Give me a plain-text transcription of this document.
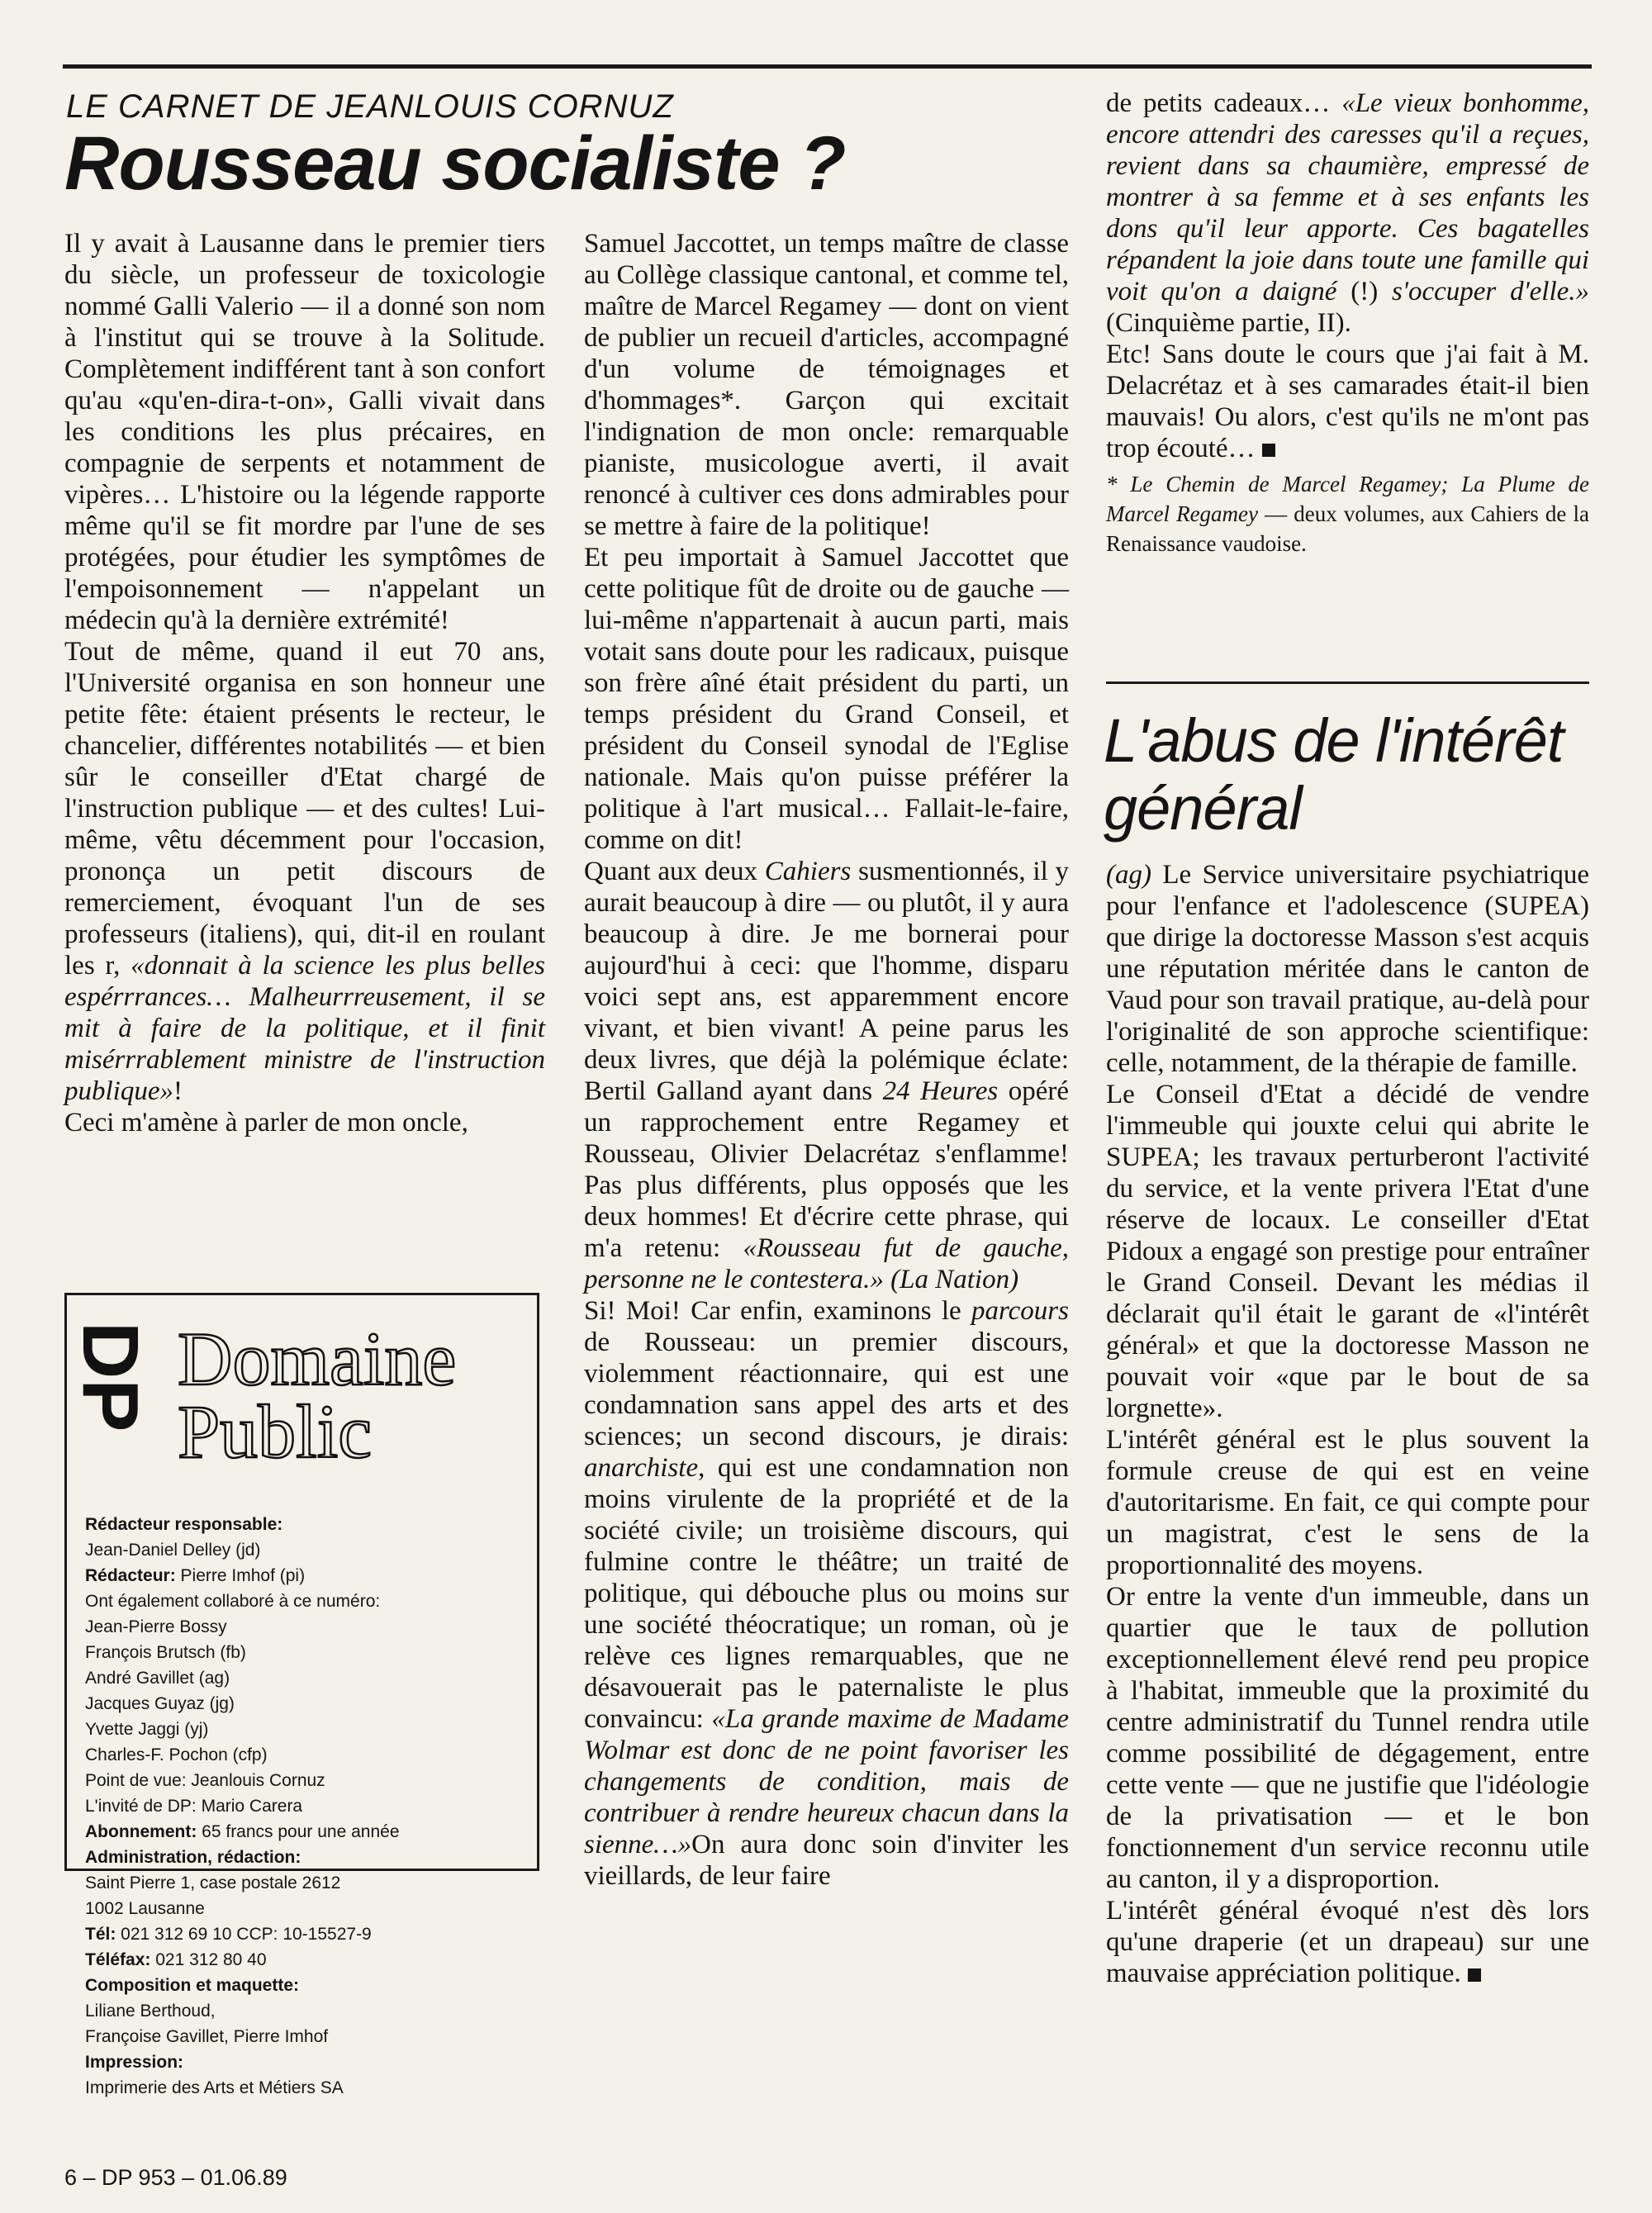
LE CARNET DE JEANLOUIS CORNUZ
Rousseau socialiste ?

Il y avait à Lausanne dans le premier tiers du siècle, un professeur de toxicologie nommé Galli Valerio — il a donné son nom à l'institut qui se trouve à la Solitude. Complètement indifférent tant à son confort qu'au «qu'en-dira-t-on», Galli vivait dans les conditions les plus précaires, en compagnie de serpents et notamment de vipères… L'histoire ou la légende rapporte même qu'il se fit mordre par l'une de ses protégées, pour étudier les symptômes de l'empoisonnement — n'appelant un médecin qu'à la dernière extrémité!

Tout de même, quand il eut 70 ans, l'Université organisa en son honneur une petite fête: étaient présents le recteur, le chancelier, différentes notabilités — et bien sûr le conseiller d'Etat chargé de l'instruction publique — et des cultes! Lui-même, vêtu décemment pour l'occasion, prononça un petit discours de remerciement, évoquant l'un de ses professeurs (italiens), qui, dit-il en roulant les r, «donnait à la science les plus belles espérrrances… Malheurrreusement, il se mit à faire de la politique, et il finit misérrrablement ministre de l'instruction publique»!

Ceci m'amène à parler de mon oncle,

DP Domaine
Public
Rédacteur responsable:
Jean-Daniel Delley (jd)
Rédacteur: Pierre Imhof (pi)
Ont également collaboré à ce numéro:
Jean-Pierre Bossy
François Brutsch (fb)
André Gavillet (ag)
Jacques Guyaz (jg)
Yvette Jaggi (yj)
Charles-F. Pochon (cfp)
Point de vue: Jeanlouis Cornuz
L'invité de DP: Mario Carera
Abonnement: 65 francs pour une année
Administration, rédaction:
Saint Pierre 1, case postale 2612
1002 Lausanne
Tél: 021 312 69 10 CCP: 10-15527-9
Téléfax: 021 312 80 40
Composition et maquette:
Liliane Berthoud,
Françoise Gavillet, Pierre Imhof
Impression:
Imprimerie des Arts et Métiers SA

Samuel Jaccottet, un temps maître de classe au Collège classique cantonal, et comme tel, maître de Marcel Regamey — dont on vient de publier un recueil d'articles, accompagné d'un volume de témoignages et d'hommages*. Garçon qui excitait l'indignation de mon oncle: remarquable pianiste, musicologue averti, il avait renoncé à cultiver ces dons admirables pour se mettre à faire de la politique!

Et peu importait à Samuel Jaccottet que cette politique fût de droite ou de gauche — lui-même n'appartenait à aucun parti, mais votait sans doute pour les radicaux, puisque son frère aîné était président du parti, un temps président du Grand Conseil, et président du Conseil synodal de l'Eglise nationale. Mais qu'on puisse préférer la politique à l'art musical… Fallait-le-faire, comme on dit!

Quant aux deux Cahiers susmentionnés, il y aurait beaucoup à dire — ou plutôt, il y aura beaucoup à dire. Je me bornerai pour aujourd'hui à ceci: que l'homme, disparu voici sept ans, est apparemment encore vivant, et bien vivant! A peine parus les deux livres, que déjà la polémique éclate: Bertil Galland ayant dans 24 Heures opéré un rapprochement entre Regamey et Rousseau, Olivier Delacrétaz s'enflamme! Pas plus différents, plus opposés que les deux hommes! Et d'écrire cette phrase, qui m'a retenu: «Rousseau fut de gauche, personne ne le contestera.» (La Nation)

Si! Moi! Car enfin, examinons le parcours de Rousseau: un premier discours, violemment réactionnaire, qui est une condamnation sans appel des arts et des sciences; un second discours, je dirais: anarchiste, qui est une condamnation non moins virulente de la propriété et de la société civile; un troisième discours, qui fulmine contre le théâtre; un traité de politique, qui débouche plus ou moins sur une société théocratique; un roman, où je relève ces lignes remarquables, que ne désavouerait pas le paternaliste le plus convaincu: «La grande maxime de Madame Wolmar est donc de ne point favoriser les changements de condition, mais de contribuer à rendre heureux chacun dans la sienne…»On aura donc soin d'inviter les vieillards, de leur faire

de petits cadeaux… «Le vieux bonhomme, encore attendri des caresses qu'il a reçues, revient dans sa chaumière, empressé de montrer à sa femme et à ses enfants les dons qu'il leur apporte. Ces bagatelles répandent la joie dans toute une famille qui voit qu'on a daigné (!) s'occuper d'elle.» (Cinquième partie, II).

Etc! Sans doute le cours que j'ai fait à M. Delacrétaz et à ses camarades était-il bien mauvais! Ou alors, c'est qu'ils ne m'ont pas trop écouté…

* Le Chemin de Marcel Regamey; La Plume de Marcel Regamey — deux volumes, aux Cahiers de la Renaissance vaudoise.

L'abus de l'intérêt général

(ag) Le Service universitaire psychiatrique pour l'enfance et l'adolescence (SUPEA) que dirige la doctoresse Masson s'est acquis une réputation méritée dans le canton de Vaud pour son travail pratique, au-delà pour l'originalité de son approche scientifique: celle, notamment, de la thérapie de famille.

Le Conseil d'Etat a décidé de vendre l'immeuble qui jouxte celui qui abrite le SUPEA; les travaux perturberont l'activité du service, et la vente privera l'Etat d'une réserve de locaux. Le conseiller d'Etat Pidoux a engagé son prestige pour entraîner le Grand Conseil. Devant les médias il déclarait qu'il était le garant de «l'intérêt général» et que la doctoresse Masson ne pouvait voir «que par le bout de sa lorgnette».

L'intérêt général est le plus souvent la formule creuse de qui est en veine d'autoritarisme. En fait, ce qui compte pour un magistrat, c'est le sens de la proportionnalité des moyens.

Or entre la vente d'un immeuble, dans un quartier que le taux de pollution exceptionnellement élevé rend peu propice à l'habitat, immeuble que la proximité du centre administratif du Tunnel rendra utile comme possibilité de dégagement, entre cette vente — que ne justifie que l'idéologie de la privatisation — et le bon fonctionnement d'un service reconnu utile au canton, il y a disproportion.

L'intérêt général évoqué n'est dès lors qu'une draperie (et un drapeau) sur une mauvaise appréciation politique.

6 – DP 953 – 01.06.89
